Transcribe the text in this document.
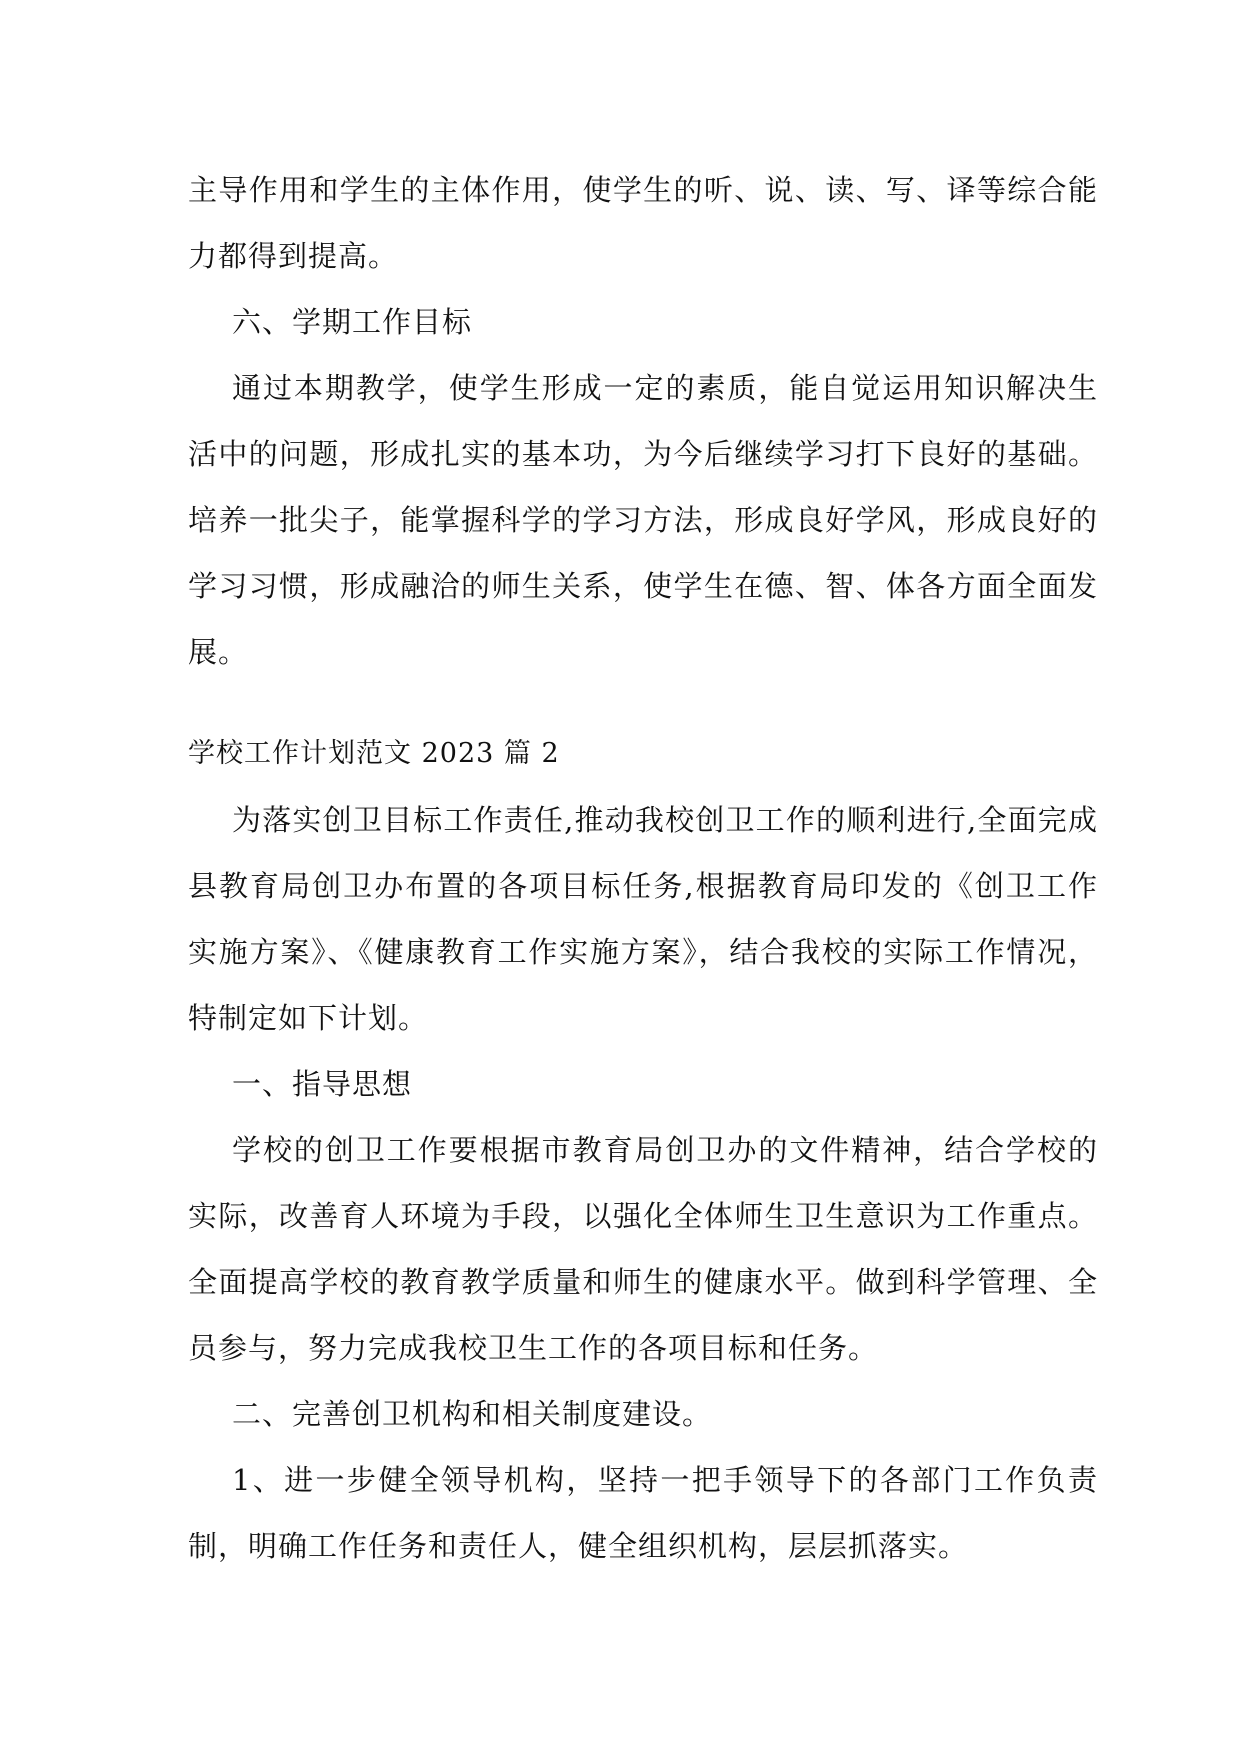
主导作用和学生的主体作用，使学生的听、说、读、写、译等综合能力都得到提高。

六、学期工作目标

通过本期教学，使学生形成一定的素质，能自觉运用知识解决生活中的问题，形成扎实的基本功，为今后继续学习打下良好的基础。培养一批尖子，能掌握科学的学习方法，形成良好学风，形成良好的学习习惯，形成融洽的师生关系，使学生在德、智、体各方面全面发展。

学校工作计划范文 2023 篇 2

为落实创卫目标工作责任,推动我校创卫工作的顺利进行,全面完成县教育局创卫办布置的各项目标任务,根据教育局印发的《创卫工作实施方案》、《健康教育工作实施方案》，结合我校的实际工作情况，特制定如下计划。

一、指导思想

学校的创卫工作要根据市教育局创卫办的文件精神，结合学校的实际，改善育人环境为手段，以强化全体师生卫生意识为工作重点。全面提高学校的教育教学质量和师生的健康水平。做到科学管理、全员参与，努力完成我校卫生工作的各项目标和任务。

二、完善创卫机构和相关制度建设。

1、进一步健全领导机构，坚持一把手领导下的各部门工作负责制，明确工作任务和责任人，健全组织机构，层层抓落实。
